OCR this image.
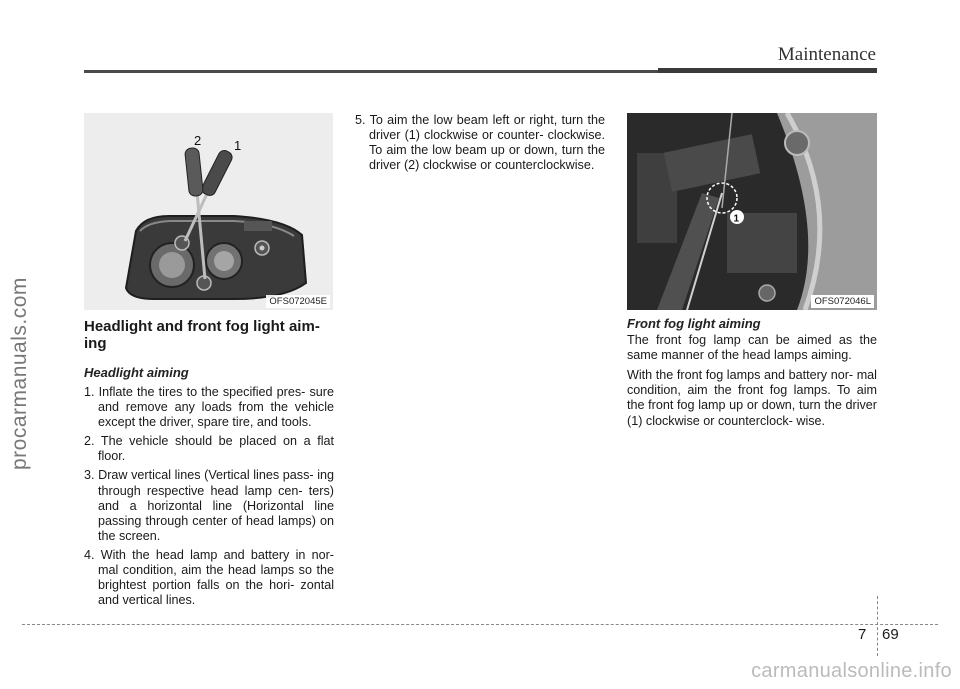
Maintenance
procarmanuals.com
2	1
OFS072045E
Headlight and front fog light aim-
ing
Headlight aiming
1. Inflate the tires to the specified pres- sure and remove any loads from the vehicle except the driver, spare tire, and tools.
2. The vehicle should be placed on a flat floor.
3. Draw vertical lines (Vertical lines pass- ing through respective head lamp cen- ters) and a horizontal line (Horizontal line passing through center of head lamps) on the screen.
4. With the head lamp and battery in nor- mal condition, aim the head lamps so the brightest portion falls on the hori- zontal and vertical lines.
5. To aim the low beam left or right, turn the driver (1) clockwise or counter- clockwise. To aim the low beam up or down, turn the driver (2) clockwise or counterclockwise.
1
OFS072046L
Front fog light aiming

The front fog lamp can be aimed as the same manner of the head lamps aiming.

With the front fog lamps and battery nor- mal condition, aim the front fog lamps. To aim the front fog lamp up or down, turn the driver (1) clockwise or counterclock- wise.

7 69
carmanualsonline.info
